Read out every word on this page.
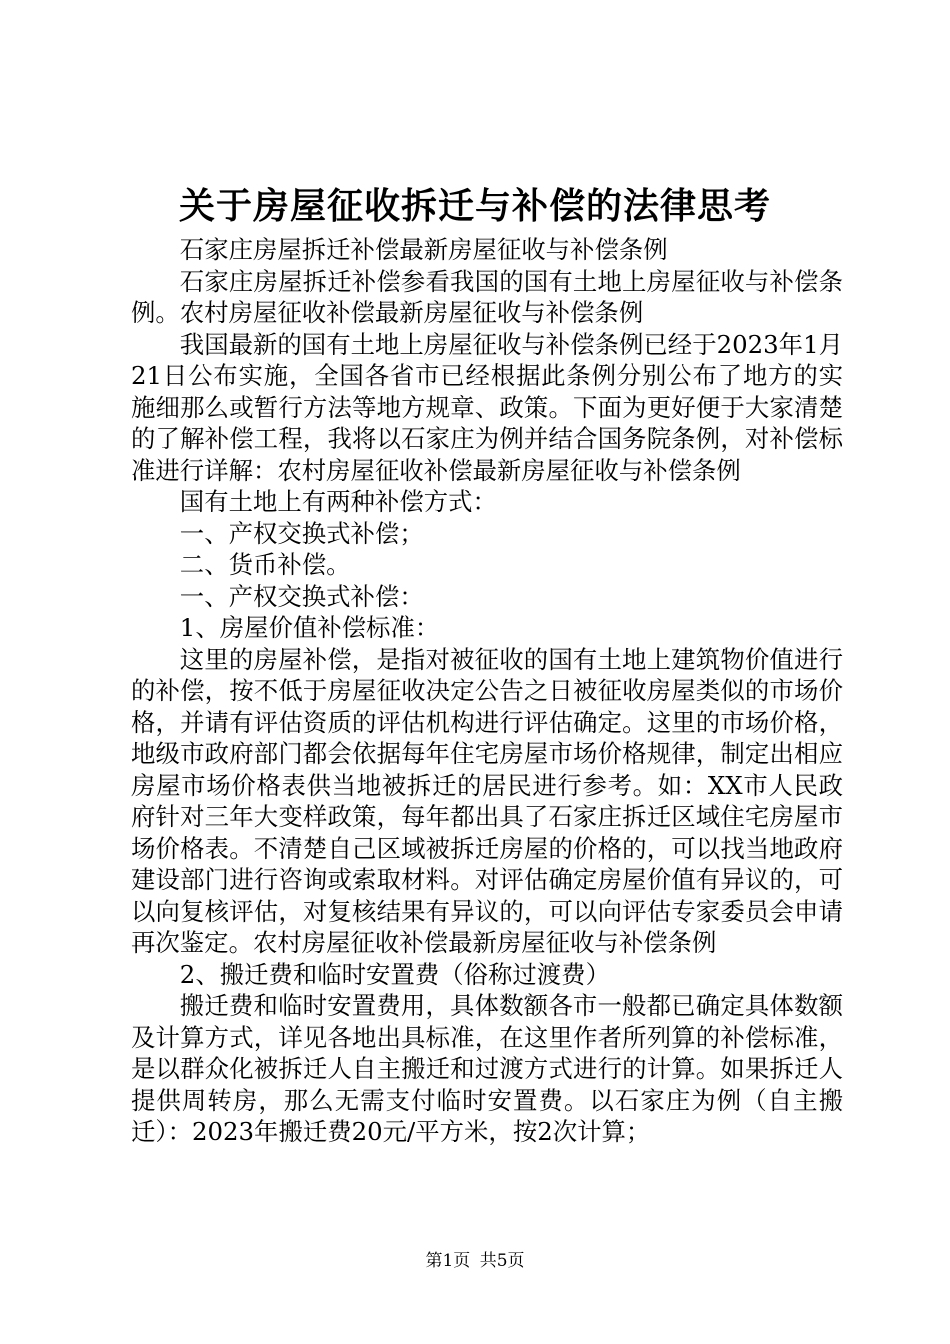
关于房屋征收拆迁与补偿的法律思考

石家庄房屋拆迁补偿最新房屋征收与补偿条例

石家庄房屋拆迁补偿参看我国的国有土地上房屋征收与补偿条例。农村房屋征收补偿最新房屋征收与补偿条例

我国最新的国有土地上房屋征收与补偿条例已经于2023年1月21日公布实施，全国各省市已经根据此条例分别公布了地方的实施细那么或暂行方法等地方规章、政策。下面为更好便于大家清楚的了解补偿工程，我将以石家庄为例并结合国务院条例，对补偿标准进行详解：农村房屋征收补偿最新房屋征收与补偿条例

国有土地上有两种补偿方式：

一、产权交换式补偿；

二、货币补偿。

一、产权交换式补偿：

1、房屋价值补偿标准：

这里的房屋补偿，是指对被征收的国有土地上建筑物价值进行的补偿，按不低于房屋征收决定公告之日被征收房屋类似的市场价格，并请有评估资质的评估机构进行评估确定。这里的市场价格，地级市政府部门都会依据每年住宅房屋市场价格规律，制定出相应房屋市场价格表供当地被拆迁的居民进行参考。如：XX市人民政府针对三年大变样政策，每年都出具了石家庄拆迁区域住宅房屋市场价格表。不清楚自己区域被拆迁房屋的价格的，可以找当地政府建设部门进行咨询或索取材料。对评估确定房屋价值有异议的，可以向复核评估，对复核结果有异议的，可以向评估专家委员会申请再次鉴定。农村房屋征收补偿最新房屋征收与补偿条例

2、搬迁费和临时安置费（俗称过渡费）

搬迁费和临时安置费用，具体数额各市一般都已确定具体数额及计算方式，详见各地出具标准，在这里作者所列算的补偿标准，是以群众化被拆迁人自主搬迁和过渡方式进行的计算。如果拆迁人提供周转房，那么无需支付临时安置费。以石家庄为例（自主搬迁）：2023年搬迁费20元/平方米，按2次计算；

第1页 共5页
